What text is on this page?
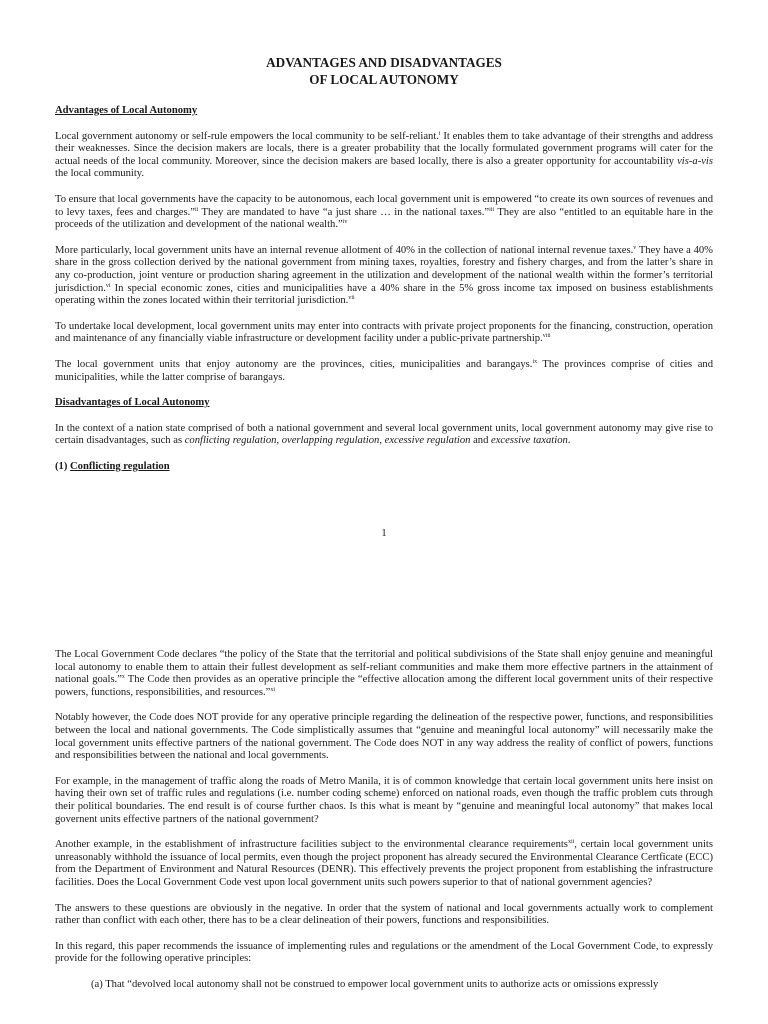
ADVANTAGES AND DISADVANTAGES
OF LOCAL AUTONOMY

Advantages of Local Autonomy

Local government autonomy or self-rule empowers the local community to be self-reliant.$^i$ It enables them to take advantage of their strengths and address their weaknesses. Since the decision makers are locals, there is a greater probability that the locally formulated government programs will cater for the actual needs of the local community. Moreover, since the decision makers are based locally, there is also a greater opportunity for accountability vis-a-vis the local community.

To ensure that local governments have the capacity to be autonomous, each local government unit is empowered “to create its own sources of revenues and to levy taxes, fees and charges.”$^{ii}$ They are mandated to have “a just share … in the national taxes.”$^{iii}$ They are also “entitled to an equitable hare in the proceeds of the utilization and development of the national wealth.”$^{iv}$

More particularly, local government units have an internal revenue allotment of 40% in the collection of national internal revenue taxes.$^v$ They have a 40% share in the gross collection derived by the national government from mining taxes, royalties, forestry and fishery charges, and from the latter’s share in any co-production, joint venture or production sharing agreement in the utilization and development of the national wealth within the former’s territorial jurisdiction.$^{vi}$ In special economic zones, cities and municipalities have a 40% share in the 5% gross income tax imposed on business establishments operating within the zones located within their territorial jurisdiction.$^{vii}$

To undertake local development, local government units may enter into contracts with private project proponents for the financing, construction, operation and maintenance of any financially viable infrastructure or development facility under a public-private partnership.$^{viii}$

The local government units that enjoy autonomy are the provinces, cities, municipalities and barangays.$^{ix}$ The provinces comprise of cities and municipalities, while the latter comprise of barangays.

Disadvantages of Local Autonomy

In the context of a nation state comprised of both a national government and several local government units, local government autonomy may give rise to certain disadvantages, such as conflicting regulation, overlapping regulation, excessive regulation and excessive taxation.

(1) Conflicting regulation

1

The Local Government Code declares “the policy of the State that the territorial and political subdivisions of the State shall enjoy genuine and meaningful local autonomy to enable them to attain their fullest development as self-reliant communities and make them more effective partners in the attainment of national goals.”$^x$ The Code then provides as an operative principle the “effective allocation among the different local government units of their respective powers, functions, responsibilities, and resources.”$^{xi}$

Notably however, the Code does NOT provide for any operative principle regarding the delineation of the respective power, functions, and responsibilities between the local and national governments. The Code simplistically assumes that “genuine and meaningful local autonomy” will necessarily make the local government units effective partners of the national government. The Code does NOT in any way address the reality of conflict of powers, functions and responsibilities between the national and local governments.

For example, in the management of traffic along the roads of Metro Manila, it is of common knowledge that certain local government units here insist on having their own set of traffic rules and regulations (i.e. number coding scheme) enforced on national roads, even though the traffic problem cuts through their political boundaries. The end result is of course further chaos. Is this what is meant by “genuine and meaningful local autonomy” that makes local governent units effective partners of the national government?

Another example, in the establishment of infrastructure facilities subject to the environmental clearance requirements$^{xii}$, certain local government units unreasonably withhold the issuance of local permits, even though the project proponent has already secured the Environmental Clearance Certficate (ECC) from the Department of Environment and Natural Resources (DENR). This effectively prevents the project proponent from establishing the infrastructure facilities. Does the Local Government Code vest upon local government units such powers superior to that of national government agencies?

The answers to these questions are obviously in the negative. In order that the system of national and local governments actually work to complement rather than conflict with each other, there has to be a clear delineation of their powers, functions and responsibilities.

In this regard, this paper recommends the issuance of implementing rules and regulations or the amendment of the Local Government Code, to expressly provide for the following operative principles:

(a) That “devolved local autonomy shall not be construed to empower local government units to authorize acts or omissions expressly
